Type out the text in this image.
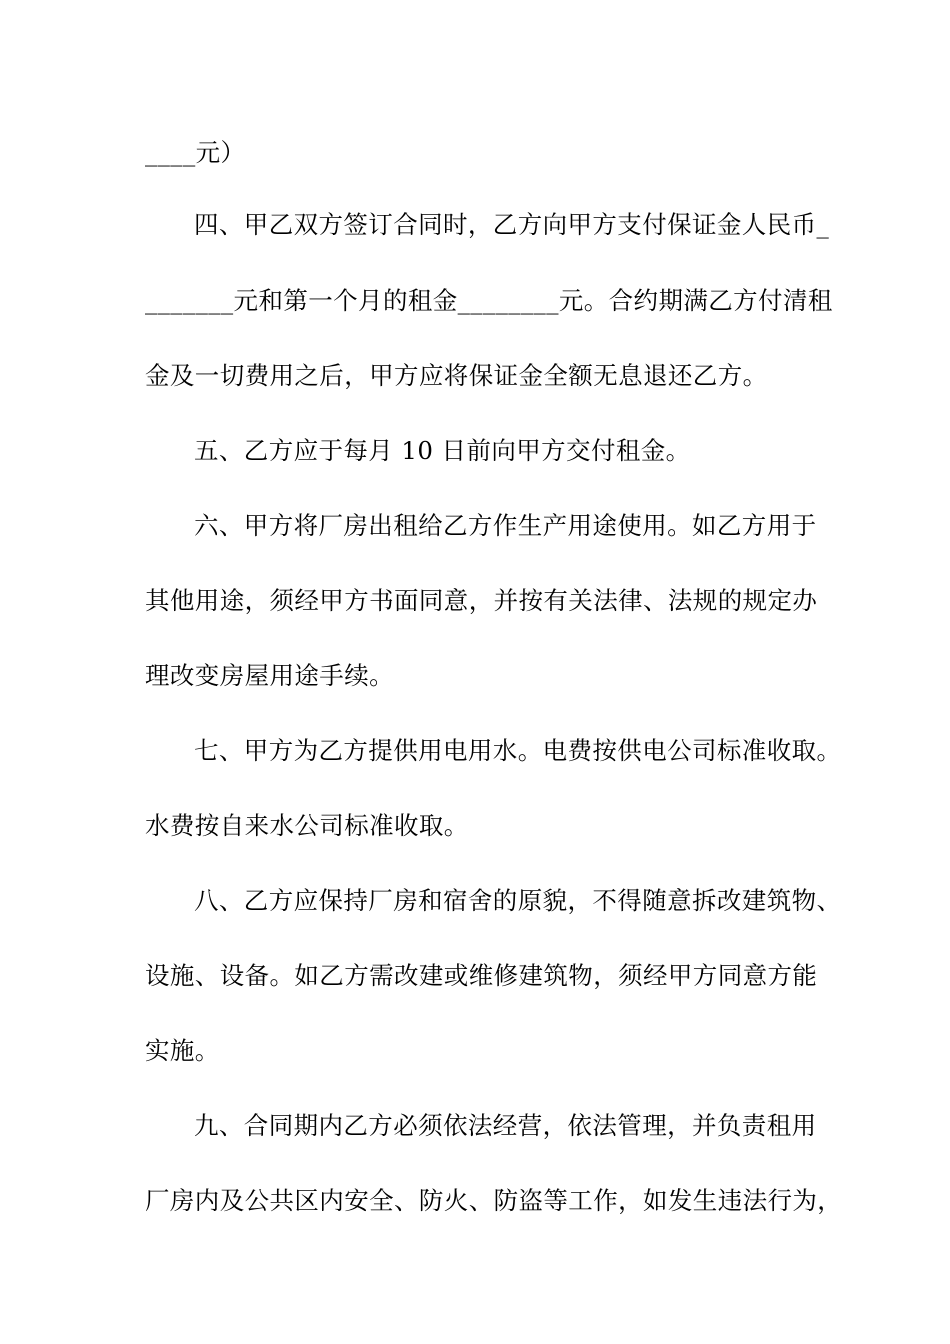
____元）
四、甲乙双方签订合同时，乙方向甲方支付保证金人民币_
_______元和第一个月的租金________元。合约期满乙方付清租
金及一切费用之后，甲方应将保证金全额无息退还乙方。
五、乙方应于每月 10 日前向甲方交付租金。
六、甲方将厂房出租给乙方作生产用途使用。如乙方用于
其他用途，须经甲方书面同意，并按有关法律、法规的规定办
理改变房屋用途手续。
七、甲方为乙方提供用电用水。电费按供电公司标准收取。
水费按自来水公司标准收取。
八、乙方应保持厂房和宿舍的原貌，不得随意拆改建筑物、
设施、设备。如乙方需改建或维修建筑物，须经甲方同意方能
实施。
九、合同期内乙方必须依法经营，依法管理，并负责租用
厂房内及公共区内安全、防火、防盗等工作，如发生违法行为，
